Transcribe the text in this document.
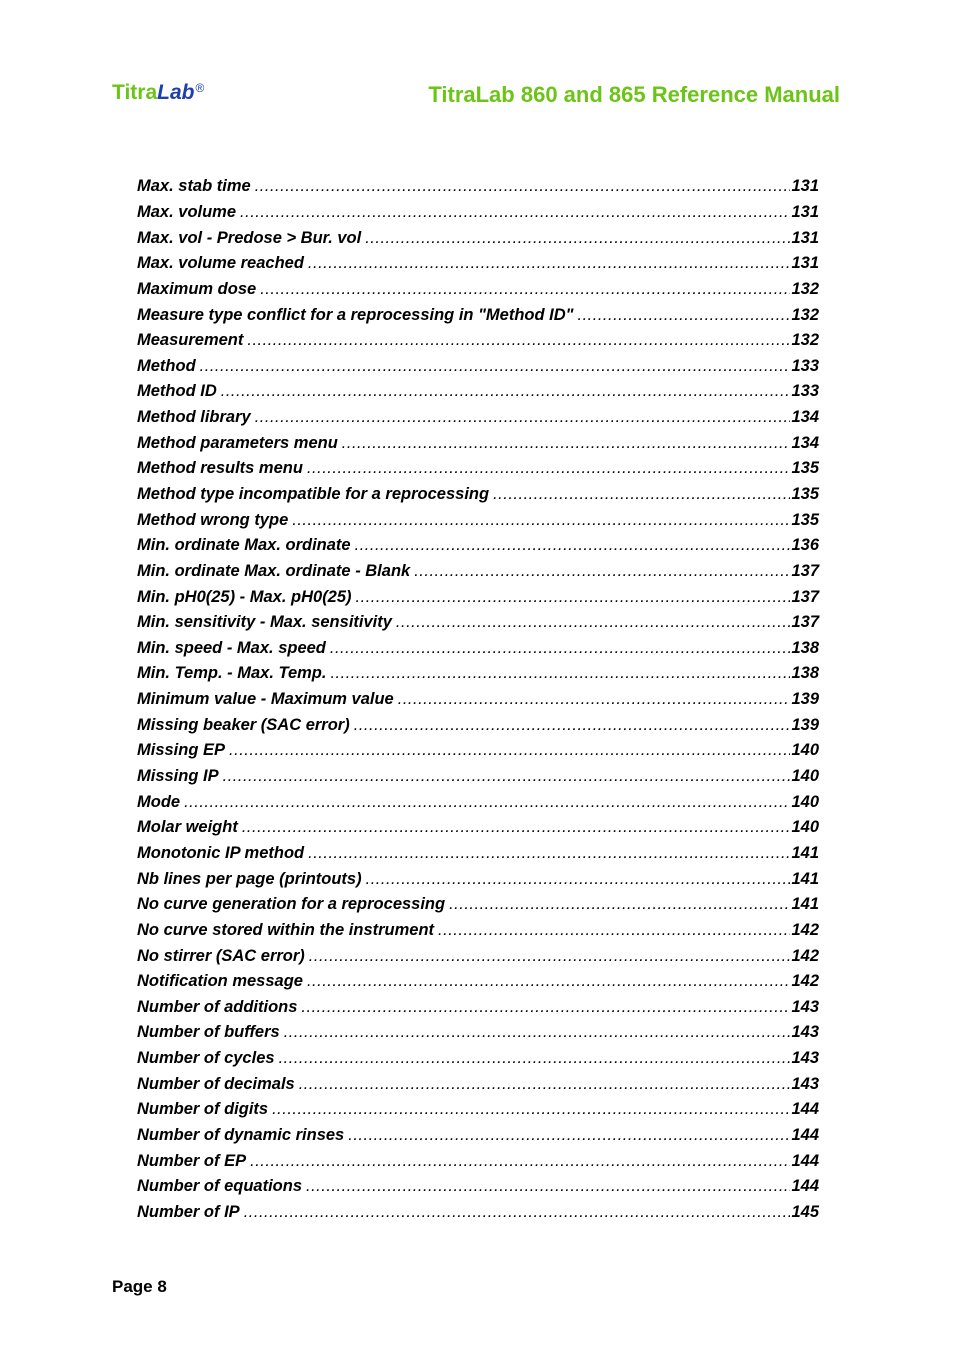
TitraLab®	TitraLab 860 and 865 Reference Manual
Max. stab time .....	131
Max. volume .....	131
Max. vol - Predose > Bur. vol .....	131
Max. volume reached .....	131
Maximum dose .....	132
Measure type conflict for a reprocessing in "Method ID" .....	132
Measurement .....	132
Method .....	133
Method ID .....	133
Method library .....	134
Method parameters menu .....	134
Method results menu .....	135
Method type incompatible for a reprocessing .....	135
Method wrong type .....	135
Min. ordinate Max. ordinate .....	136
Min. ordinate Max. ordinate - Blank .....	137
Min. pH0(25) - Max. pH0(25) .....	137
Min. sensitivity - Max. sensitivity .....	137
Min. speed - Max. speed .....	138
Min. Temp. - Max. Temp. .....	138
Minimum value - Maximum value .....	139
Missing beaker (SAC error) .....	139
Missing EP .....	140
Missing IP .....	140
Mode .....	140
Molar weight .....	140
Monotonic IP method .....	141
Nb lines per page (printouts) .....	141
No curve generation for a reprocessing .....	141
No curve stored within the instrument .....	142
No stirrer (SAC error) .....	142
Notification message .....	142
Number of additions .....	143
Number of buffers .....	143
Number of cycles .....	143
Number of decimals .....	143
Number of digits .....	144
Number of dynamic rinses .....	144
Number of EP .....	144
Number of equations .....	144
Number of IP .....	145
Page 8
